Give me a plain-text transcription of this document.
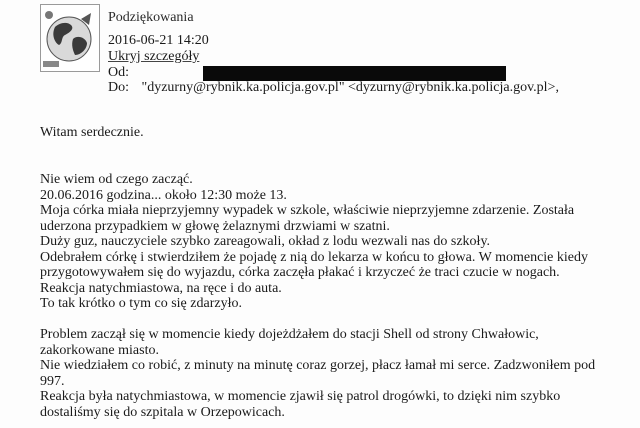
Podziękowania
2016-06-21 14:20
Ukryj szczegóły
Od:
Do: "dyzurny@rybnik.ka.policja.gov.pl" <dyzurny@rybnik.ka.policja.gov.pl>,
Witam serdecznie.
Nie wiem od czego zacząć.
20.06.2016 godzina... około 12:30 może 13.
Moja córka miała nieprzyjemny wypadek w szkole, właściwie nieprzyjemne zdarzenie. Została
uderzona przypadkiem w głowę żelaznymi drzwiami w szatni.
Duży guz, nauczyciele szybko zareagowali, okład z lodu wezwali nas do szkoły.
Odebrałem córkę i stwierdziłem że pojadę z nią do lekarza w końcu to głowa. W momencie kiedy
przygotowywałem się do wyjazdu, córka zaczęła płakać i krzyczeć że traci czucie w nogach.
Reakcja natychmiastowa, na ręce i do auta.
To tak krótko o tym co się zdarzyło.
Problem zaczął się w momencie kiedy dojeżdżałem do stacji Shell od strony Chwałowic,
zakorkowane miasto.
Nie wiedziałem co robić, z minuty na minutę coraz gorzej, płacz łamał mi serce. Zadzwoniłem pod
997.
Reakcja była natychmiastowa, w momencie zjawił się patrol drogówki, to dzięki nim szybko
dostaliśmy się do szpitala w Orzepowicach.
